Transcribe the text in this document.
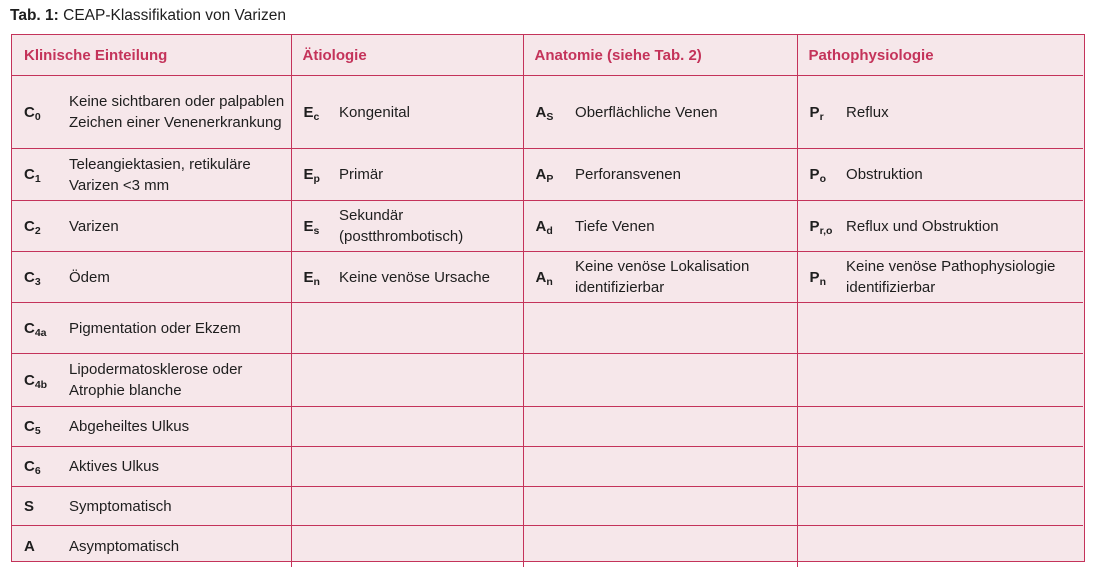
Tab. 1: CEAP-Klassifikation von Varizen
Klinische Einteilung		Ätiologie		Anatomie (siehe Tab. 2)		Pathophysiologie	
$C_0$	Keine sichtbaren oder palpablen Zeichen einer Venenerkrankung	$E_c$	Kongenital	$A_S$	Oberflächliche Venen	$P_r$	Reflux
$C_1$	Teleangiektasien, retikuläre Varizen <3 mm	$E_p$	Primär	$A_P$	Perforansvenen	$P_o$	Obstruktion
$C_2$	Varizen	$E_s$	Sekundär (postthrombotisch)	$A_d$	Tiefe Venen	$P_{r,o}$	Reflux und Obstruktion
$C_3$	Ödem	$E_n$	Keine venöse Ursache	$A_n$	Keine venöse Lokalisation identifizierbar	$P_n$	Keine venöse Pathophysiologie identifizierbar
$C_{4a}$	Pigmentation oder Ekzem						
$C_{4b}$	Lipodermatosklerose oder Atrophie blanche						
$C_5$	Abgeheiltes Ulkus						
$C_6$	Aktives Ulkus						
S	Symptomatisch						
A	Asymptomatisch						
